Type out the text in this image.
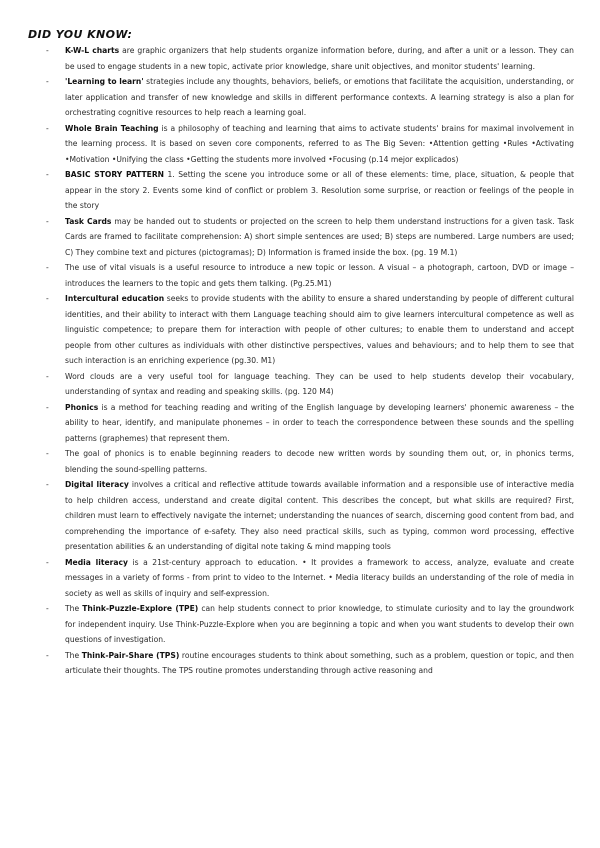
DID YOU KNOW:
- K-W-L charts are graphic organizers that help students organize information before, during, and after a unit or a lesson. They can be used to engage students in a new topic, activate prior knowledge, share unit objectives, and monitor students' learning.
- 'Learning to learn' strategies include any thoughts, behaviors, beliefs, or emotions that facilitate the acquisition, understanding, or later application and transfer of new knowledge and skills in different performance contexts. A learning strategy is also a plan for orchestrating cognitive resources to help reach a learning goal.
- Whole Brain Teaching is a philosophy of teaching and learning that aims to activate students' brains for maximal involvement in the learning process. It is based on seven core components, referred to as The Big Seven: •Attention getting •Rules •Activating •Motivation •Unifying the class •Getting the students more involved •Focusing (p.14 mejor explicados)
- BASIC STORY PATTERN 1. Setting the scene you introduce some or all of these elements: time, place, situation, & people that appear in the story 2. Events some kind of conflict or problem 3. Resolution some surprise, or reaction or feelings of the people in the story
- Task Cards may be handed out to students or projected on the screen to help them understand instructions for a given task. Task Cards are framed to facilitate comprehension: A) short simple sentences are used; B) steps are numbered. Large numbers are used; C) They combine text and pictures (pictogramas); D) Information is framed inside the box. (pg. 19 M.1)
- The use of vital visuals is a useful resource to introduce a new topic or lesson. A visual – a photograph, cartoon, DVD or image – introduces the learners to the topic and gets them talking. (Pg.25.M1)
- Intercultural education seeks to provide students with the ability to ensure a shared understanding by people of different cultural identities, and their ability to interact with them Language teaching should aim to give learners intercultural competence as well as linguistic competence; to prepare them for interaction with people of other cultures; to enable them to understand and accept people from other cultures as individuals with other distinctive perspectives, values and behaviours; and to help them to see that such interaction is an enriching experience (pg.30. M1)
- Word clouds are a very useful tool for language teaching. They can be used to help students develop their vocabulary, understanding of syntax and reading and speaking skills. (pg. 120 M4)
- Phonics is a method for teaching reading and writing of the English language by developing learners' phonemic awareness – the ability to hear, identify, and manipulate phonemes – in order to teach the correspondence between these sounds and the spelling patterns (graphemes) that represent them.
- The goal of phonics is to enable beginning readers to decode new written words by sounding them out, or, in phonics terms, blending the sound-spelling patterns.
- Digital literacy involves a critical and reflective attitude towards available information and a responsible use of interactive media to help children access, understand and create digital content. This describes the concept, but what skills are required? First, children must learn to effectively navigate the internet; understanding the nuances of search, discerning good content from bad, and comprehending the importance of e-safety. They also need practical skills, such as typing, common word processing, effective presentation abilities & an understanding of digital note taking & mind mapping tools
- Media literacy is a 21st-century approach to education. • It provides a framework to access, analyze, evaluate and create messages in a variety of forms - from print to video to the Internet. • Media literacy builds an understanding of the role of media in society as well as skills of inquiry and self-expression.
- The Think-Puzzle-Explore (TPE) can help students connect to prior knowledge, to stimulate curiosity and to lay the groundwork for independent inquiry. Use Think-Puzzle-Explore when you are beginning a topic and when you want students to develop their own questions of investigation.
- The Think-Pair-Share (TPS) routine encourages students to think about something, such as a problem, question or topic, and then articulate their thoughts. The TPS routine promotes understanding through active reasoning and
